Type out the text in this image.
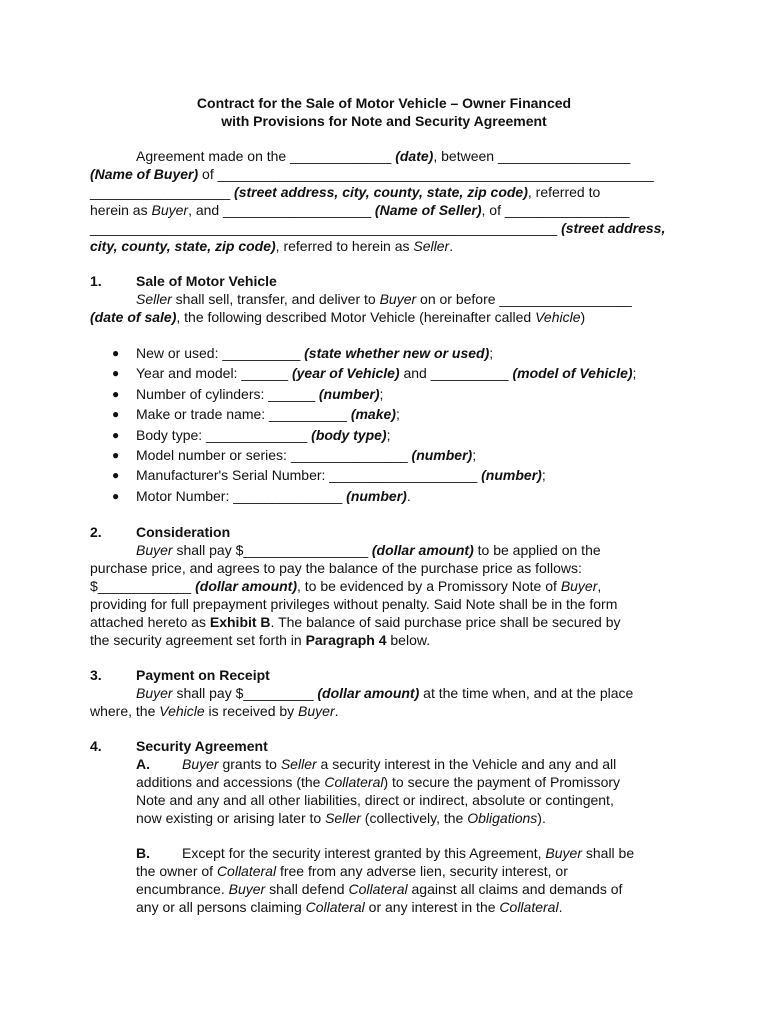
Contract for the Sale of Motor Vehicle – Owner Financed
with Provisions for Note and Security Agreement
Agreement made on the _____________ (date), between _________________
(Name of Buyer) of ________________________________________________________
__________________ (street address, city, county, state, zip code), referred to
herein as Buyer, and ___________________ (Name of Seller), of ________________
____________________________________________________________ (street address,
city, county, state, zip code), referred to herein as Seller.
1. Sale of Motor Vehicle
Seller shall sell, transfer, and deliver to Buyer on or before _________________
(date of sale), the following described Motor Vehicle (hereinafter called Vehicle)
● New or used: __________ (state whether new or used);
● Year and model: ______ (year of Vehicle) and __________ (model of Vehicle);
● Number of cylinders: ______ (number);
● Make or trade name: __________ (make);
● Body type: _____________ (body type);
● Model number or series: _______________ (number);
● Manufacturer's Serial Number: ___________________ (number);
● Motor Number: ______________ (number).
2. Consideration
Buyer shall pay $________________ (dollar amount) to be applied on the
purchase price, and agrees to pay the balance of the purchase price as follows:
$____________ (dollar amount), to be evidenced by a Promissory Note of Buyer,
providing for full prepayment privileges without penalty. Said Note shall be in the form
attached hereto as Exhibit B. The balance of said purchase price shall be secured by
the security agreement set forth in Paragraph 4 below.
3. Payment on Receipt
Buyer shall pay $_________ (dollar amount) at the time when, and at the place
where, the Vehicle is received by Buyer.
4. Security Agreement
A. Buyer grants to Seller a security interest in the Vehicle and any and all
additions and accessions (the Collateral) to secure the payment of Promissory
Note and any and all other liabilities, direct or indirect, absolute or contingent,
now existing or arising later to Seller (collectively, the Obligations).
B. Except for the security interest granted by this Agreement, Buyer shall be
the owner of Collateral free from any adverse lien, security interest, or
encumbrance. Buyer shall defend Collateral against all claims and demands of
any or all persons claiming Collateral or any interest in the Collateral.
